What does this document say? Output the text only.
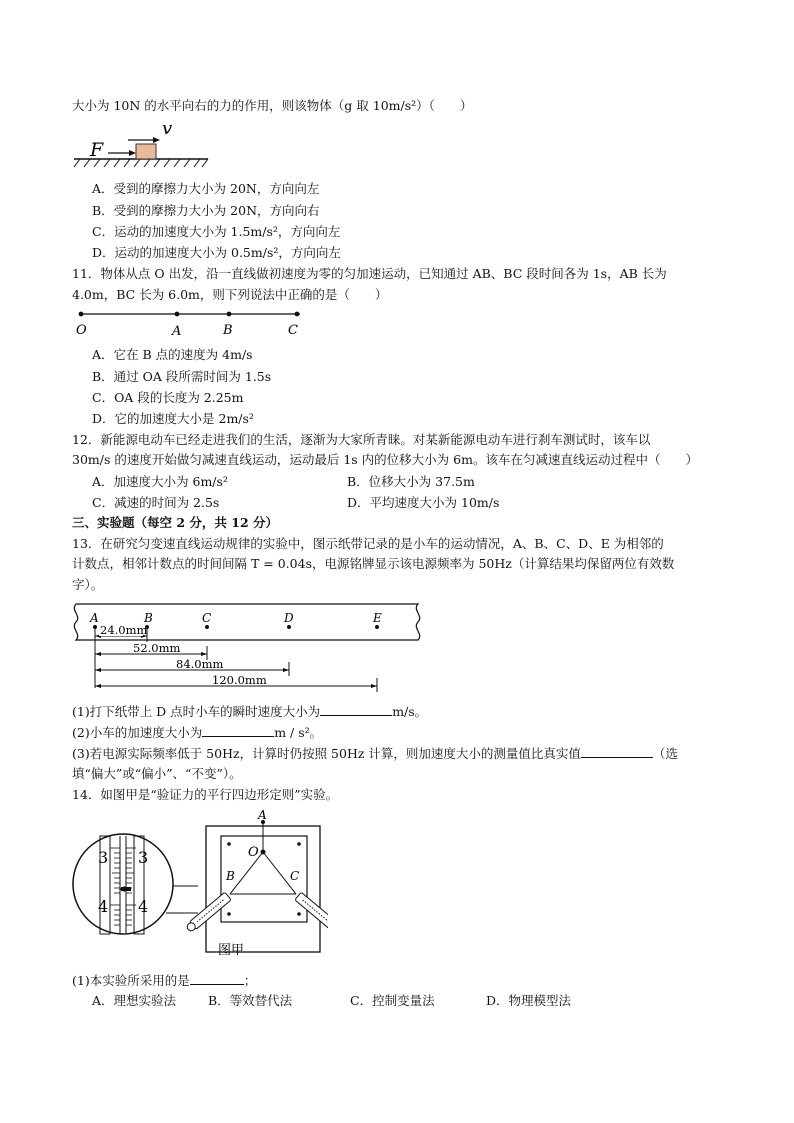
大小为 10N 的水平向右的力的作用，则该物体（g 取 10m/s²）（　　）
F
v
A．受到的摩擦力大小为 20N，方向向左
B．受到的摩擦力大小为 20N，方向向右
C．运动的加速度大小为 1.5m/s²，方向向左
D．运动的加速度大小为 0.5m/s²，方向向左
11．物体从点 O 出发，沿一直线做初速度为零的匀加速运动，已知通过 AB、BC 段时间各为 1s，AB 长为
4.0m，BC 长为 6.0m，则下列说法中正确的是（　　）
O	A	B	C
A．它在 B 点的速度为 4m/s
B．通过 OA 段所需时间为 1.5s
C．OA 段的长度为 2.25m
D．它的加速度大小是 2m/s²
12．新能源电动车已经走进我们的生活，逐渐为大家所青睐。对某新能源电动车进行刹车测试时，该车以
30m/s 的速度开始做匀减速直线运动，运动最后 1s 内的位移大小为 6m。该车在匀减速直线运动过程中（　　）
A．加速度大小为 6m/s²	B．位移大小为 37.5m
C．减速的时间为 2.5s	D．平均速度大小为 10m/s
三、实验题（每空 2 分，共 12 分）
13．在研究匀变速直线运动规律的实验中，图示纸带记录的是小车的运动情况，A、B、C、D、E 为相邻的
计数点，相邻计数点的时间间隔 T = 0.04s，电源铭牌显示该电源频率为 50Hz（计算结果均保留两位有效数
字）。
A	B	C	D	E
24.0mm
52.0mm
84.0mm
120.0mm
(1)打下纸带上 D 点时小车的瞬时速度大小为	m/s。
(2)小车的加速度大小为	m / s²。
(3)若电源实际频率低于 50Hz，计算时仍按照 50Hz 计算，则加速度大小的测量值比真实值	（选
填“偏大”或“偏小”、“不变”）。
14．如图甲是“验证力的平行四边形定则”实验。
3 3
4 4
A
O
B	C
图甲
(1)本实验所采用的是	；
A．理想实验法	B．等效替代法	C．控制变量法	D．物理模型法
